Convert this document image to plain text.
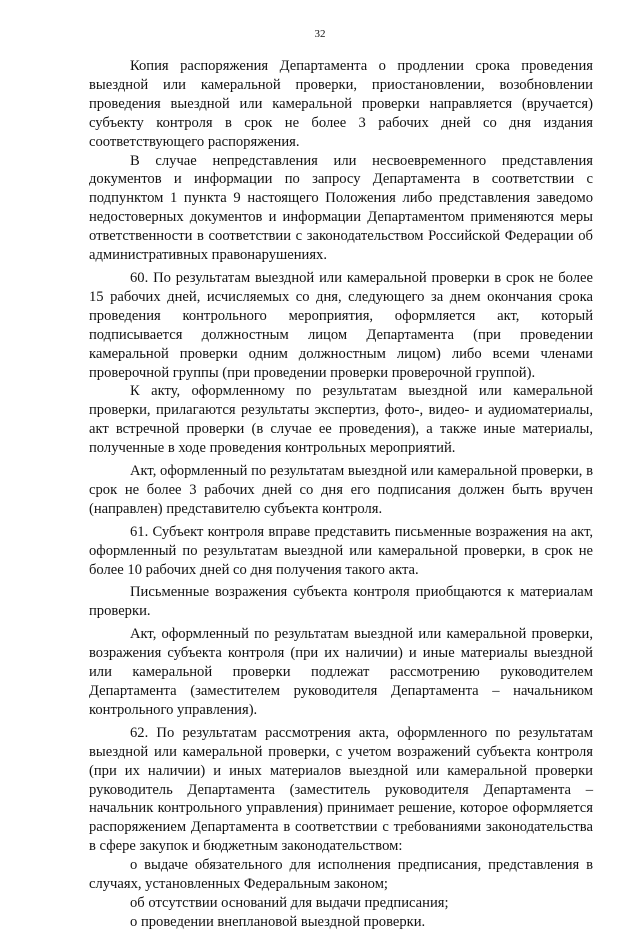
32

Копия распоряжения Департамента о продлении срока проведения выездной или камеральной проверки, приостановлении, возобновлении проведения выездной или камеральной проверки направляется (вручается) субъекту контроля в срок не более 3 рабочих дней со дня издания соответствующего распоряжения.

В случае непредставления или несвоевременного представления документов и информации по запросу Департамента в соответствии с подпунктом 1 пункта 9 настоящего Положения либо представления заведомо недостоверных документов и информации Департаментом применяются меры ответственности в соответствии с законодательством Российской Федерации об административных правонарушениях.

60. По результатам выездной или камеральной проверки в срок не более 15 рабочих дней, исчисляемых со дня, следующего за днем окончания срока проведения контрольного мероприятия, оформляется акт, который подписывается должностным лицом Департамента (при проведении камеральной проверки одним должностным лицом) либо всеми членами проверочной группы (при проведении проверки проверочной группой).

К акту, оформленному по результатам выездной или камеральной проверки, прилагаются результаты экспертиз, фото-, видео- и аудиоматериалы, акт встречной проверки (в случае ее проведения), а также иные материалы, полученные в ходе проведения контрольных мероприятий.

Акт, оформленный по результатам выездной или камеральной проверки, в срок не более 3 рабочих дней со дня его подписания должен быть вручен (направлен) представителю субъекта контроля.

61. Субъект контроля вправе представить письменные возражения на акт, оформленный по результатам выездной или камеральной проверки, в срок не более 10 рабочих дней со дня получения такого акта.

Письменные возражения субъекта контроля приобщаются к материалам проверки.

Акт, оформленный по результатам выездной или камеральной проверки, возражения субъекта контроля (при их наличии) и иные материалы выездной или камеральной проверки подлежат рассмотрению руководителем Департамента (заместителем руководителя Департамента – начальником контрольного управления).

62. По результатам рассмотрения акта, оформленного по результатам выездной или камеральной проверки, с учетом возражений субъекта контроля (при их наличии) и иных материалов выездной или камеральной проверки руководитель Департамента (заместитель руководителя Департамента – начальник контрольного управления) принимает решение, которое оформляется распоряжением Департамента в соответствии с требованиями законодательства в сфере закупок и бюджетным законодательством:

о выдаче обязательного для исполнения предписания, представления в случаях, установленных Федеральным законом;

об отсутствии оснований для выдачи предписания;

о проведении внеплановой выездной проверки.
